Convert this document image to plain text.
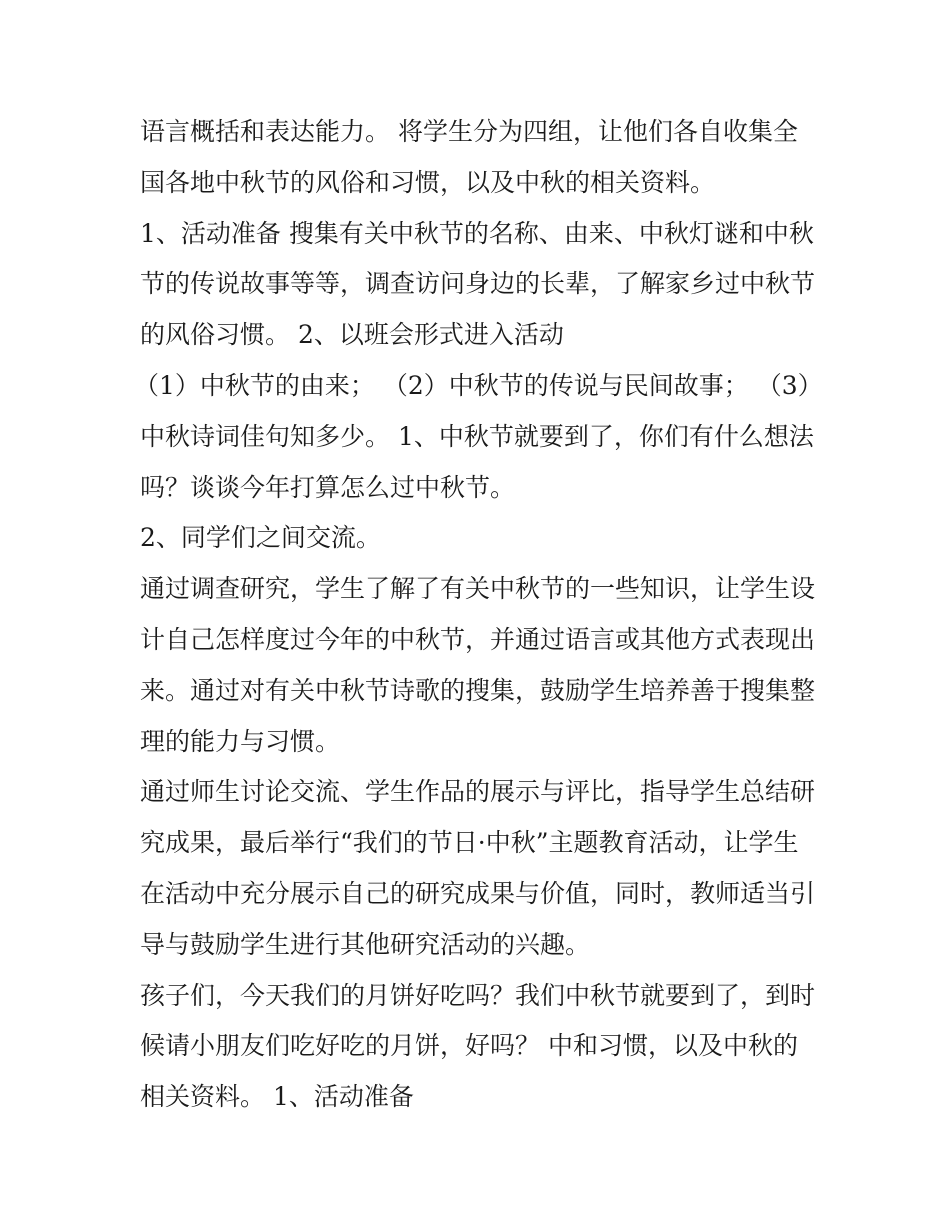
语言概括和表达能力。 将学生分为四组，让他们各自收集全
国各地中秋节的风俗和习惯，以及中秋的相关资料。
1、活动准备 搜集有关中秋节的名称、由来、中秋灯谜和中秋
节的传说故事等等，调查访问身边的长辈，了解家乡过中秋节
的风俗习惯。 2、以班会形式进入活动
（1）中秋节的由来； （2）中秋节的传说与民间故事； （3）
中秋诗词佳句知多少。 1、中秋节就要到了，你们有什么想法
吗？谈谈今年打算怎么过中秋节。
2、同学们之间交流。
通过调查研究，学生了解了有关中秋节的一些知识，让学生设
计自己怎样度过今年的中秋节，并通过语言或其他方式表现出
来。通过对有关中秋节诗歌的搜集，鼓励学生培养善于搜集整
理的能力与习惯。
通过师生讨论交流、学生作品的展示与评比，指导学生总结研
究成果，最后举行“我们的节日·中秋”主题教育活动，让学生
在活动中充分展示自己的研究成果与价值，同时，教师适当引
导与鼓励学生进行其他研究活动的兴趣。
孩子们，今天我们的月饼好吃吗？我们中秋节就要到了，到时
候请小朋友们吃好吃的月饼，好吗？ 中和习惯，以及中秋的
相关资料。 1、活动准备
